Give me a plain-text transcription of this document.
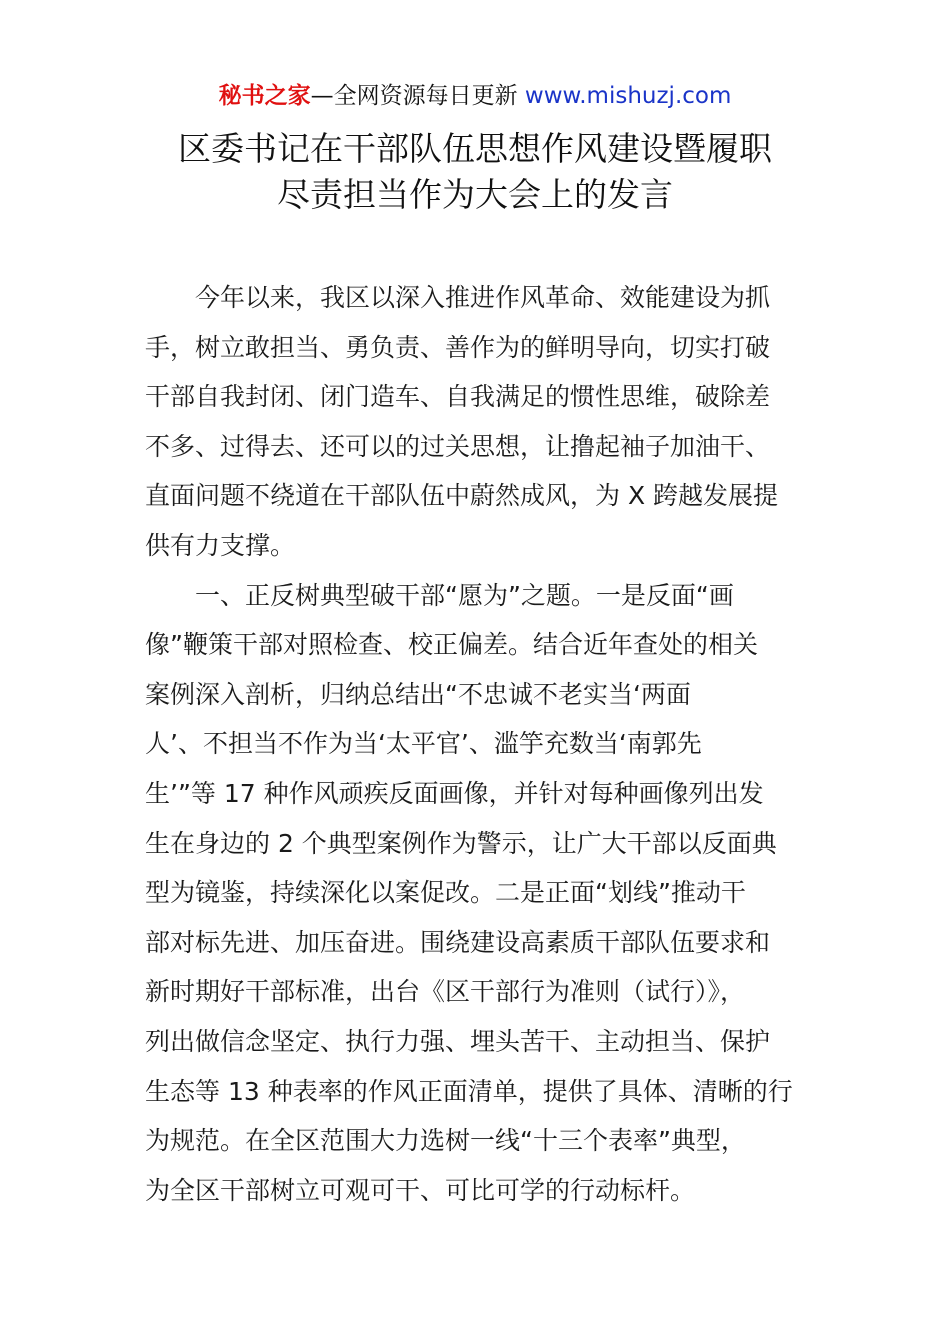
秘书之家—全网资源每日更新 www.mishuzj.com
区委书记在干部队伍思想作风建设暨履职
尽责担当作为大会上的发言
今年以来，我区以深入推进作风革命、效能建设为抓
手，树立敢担当、勇负责、善作为的鲜明导向，切实打破
干部自我封闭、闭门造车、自我满足的惯性思维，破除差
不多、过得去、还可以的过关思想，让撸起袖子加油干、
直面问题不绕道在干部队伍中蔚然成风，为 X 跨越发展提
供有力支撑。
一、正反树典型破干部“愿为”之题。一是反面“画
像”鞭策干部对照检查、校正偏差。结合近年查处的相关
案例深入剖析，归纳总结出“不忠诚不老实当‘两面
人’、不担当不作为当‘太平官’、滥竽充数当‘南郭先
生’”等 17 种作风顽疾反面画像，并针对每种画像列出发
生在身边的 2 个典型案例作为警示，让广大干部以反面典
型为镜鉴，持续深化以案促改。二是正面“划线”推动干
部对标先进、加压奋进。围绕建设高素质干部队伍要求和
新时期好干部标准，出台《区干部行为准则（试行）》，
列出做信念坚定、执行力强、埋头苦干、主动担当、保护
生态等 13 种表率的作风正面清单，提供了具体、清晰的行
为规范。在全区范围大力选树一线“十三个表率”典型，
为全区干部树立可观可干、可比可学的行动标杆。
